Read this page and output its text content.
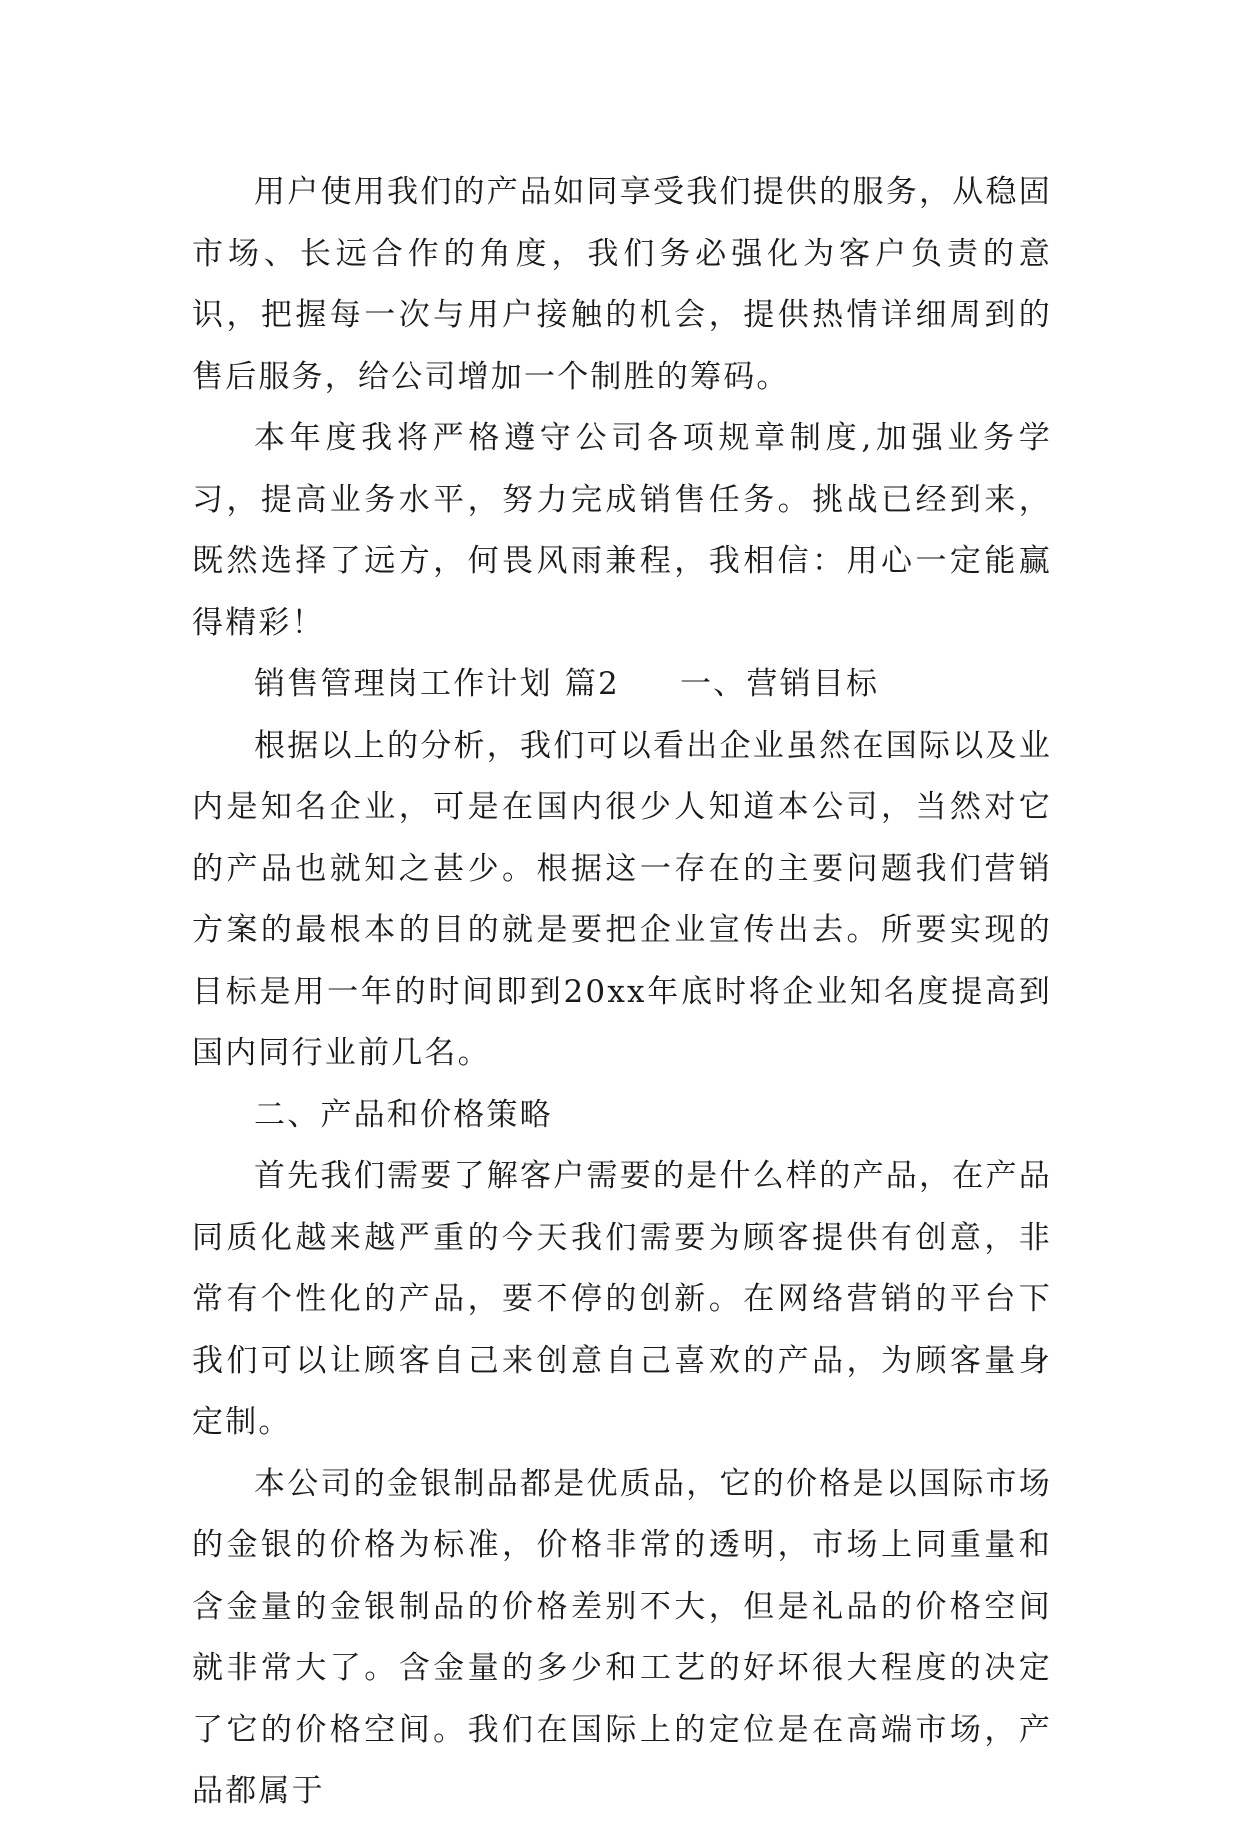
用户使用我们的产品如同享受我们提供的服务，从稳固市场、长远合作的角度，我们务必强化为客户负责的意识，把握每一次与用户接触的机会，提供热情详细周到的售后服务，给公司增加一个制胜的筹码。

本年度我将严格遵守公司各项规章制度,加强业务学习，提高业务水平，努力完成销售任务。挑战已经到来，既然选择了远方，何畏风雨兼程，我相信：用心一定能赢得精彩！

销售管理岗工作计划 篇2 一、营销目标

根据以上的分析，我们可以看出企业虽然在国际以及业内是知名企业，可是在国内很少人知道本公司，当然对它的产品也就知之甚少。根据这一存在的主要问题我们营销方案的最根本的目的就是要把企业宣传出去。所要实现的目标是用一年的时间即到20xx年底时将企业知名度提高到国内同行业前几名。

二、产品和价格策略

首先我们需要了解客户需要的是什么样的产品，在产品同质化越来越严重的今天我们需要为顾客提供有创意，非常有个性化的产品，要不停的创新。在网络营销的平台下我们可以让顾客自己来创意自己喜欢的产品，为顾客量身定制。

本公司的金银制品都是优质品，它的价格是以国际市场的金银的价格为标准，价格非常的透明，市场上同重量和含金量的金银制品的价格差别不大，但是礼品的价格空间就非常大了。含金量的多少和工艺的好坏很大程度的决定了它的价格空间。我们在国际上的定位是在高端市场，产品都属于
